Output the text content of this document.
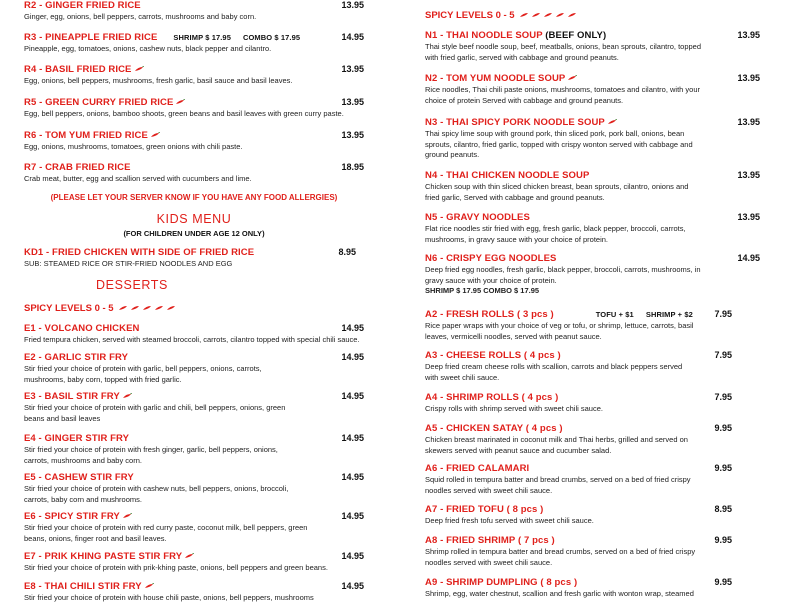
R2 - GINGER FRIED RICE	13.95
Ginger, egg, onions, bell peppers, carrots, mushrooms and baby corn.
R3 - PINEAPPLE FRIED RICE SHRIMP $ 17.95 COMBO $ 17.95	14.95
Pineapple, egg, tomatoes, onions, cashew nuts, black pepper and cilantro.
R4 - BASIL FRIED RICE	13.95
Egg, onions, bell peppers, mushrooms, fresh garlic, basil sauce and basil leaves.
R5 - GREEN CURRY FRIED RICE	13.95
Egg, bell peppers, onions, bamboo shoots, green beans and basil leaves with green curry paste.
R6 - TOM YUM FRIED RICE	13.95
Egg, onions, mushrooms, tomatoes, green onions with chili paste.
R7 - CRAB FRIED RICE	18.95
Crab meat, butter, egg and scallion served with cucumbers and lime.
(PLEASE LET YOUR SERVER KNOW IF YOU HAVE ANY FOOD ALLERGIES)
KIDS MENU
(FOR CHILDREN UNDER AGE 12 ONLY)
KD1 - FRIED CHICKEN WITH SIDE OF FRIED RICE	8.95
SUB: STEAMED RICE OR STIR-FRIED NOODLES AND EGG
DESSERTS
SPICY LEVELS 0 - 5
E1 - VOLCANO CHICKEN	14.95
Fried tempura chicken, served with steamed broccoli, carrots, cilantro topped with special chili sauce.
E2 - GARLIC STIR FRY	14.95
Stir fried your choice of protein with garlic, bell peppers, onions, carrots, mushrooms, baby corn, topped with fried garlic.
E3 - BASIL STIR FRY	14.95
Stir fried your choice of protein with garlic and chili, bell peppers, onions, green beans and basil leaves
E4 - GINGER STIR FRY	14.95
Stir fried your choice of protein with fresh ginger, garlic, bell peppers, onions, carrots, mushrooms and baby corn.
E5 - CASHEW STIR FRY	14.95
Stir fried your choice of protein with cashew nuts, bell peppers, onions, broccoli, carrots, baby corn and mushrooms.
E6 - SPICY STIR FRY	14.95
Stir fried your choice of protein with red curry paste, coconut milk, bell peppers, green beans, onions, finger root and basil leaves.
E7 - PRIK KHING PASTE STIR FRY	14.95
Stir fried your choice of protein with prik-khing paste, onions, bell peppers and green beans.
E8 - THAI CHILI STIR FRY	14.95
Stir fried your choice of protein with house chili paste, onions, bell peppers, mushrooms
SPICY LEVELS 0 - 5
N1 - THAI NOODLE SOUP (BEEF ONLY)	13.95
Thai style beef noodle soup, beef, meatballs, onions, bean sprouts, cilantro, topped with fried garlic, served with cabbage and ground peanuts.
N2 - TOM YUM NOODLE SOUP	13.95
Rice noodles, Thai chili paste onions, mushrooms, tomatoes and cilantro, with your choice of protein Served with cabbage and ground peanuts.
N3 - THAI SPICY PORK NOODLE SOUP	13.95
Thai spicy lime soup with ground pork, thin sliced pork, pork ball, onions, bean sprouts, cilantro, fried garlic, topped with crispy wonton served with cabbage and ground peanuts.
N4 - THAI CHICKEN NOODLE SOUP	13.95
Chicken soup with thin sliced chicken breast, bean sprouts, cilantro, onions and fried garlic, Served with cabbage and ground peanuts.
N5 - GRAVY NOODLES	13.95
Flat rice noodles stir fried with egg, fresh garlic, black pepper, broccoli, carrots, mushrooms, in gravy sauce with your choice of protein.
N6 - CRISPY EGG NOODLES	14.95
Deep fried egg noodles, fresh garlic, black pepper, broccoli, carrots, mushrooms, in gravy sauce with your choice of protein.
SHRIMP $ 17.95 COMBO $ 17.95
A2 - FRESH ROLLS ( 3 pcs )	TOFU + $1 SHRIMP + $2	7.95
Rice paper wraps with your choice of veg or tofu, or shrimp, lettuce, carrots, basil leaves, vermicelli noodles, served with peanut sauce.
A3 - CHEESE ROLLS ( 4 pcs )	7.95
Deep fried cream cheese rolls with scallion, carrots and black peppers served with sweet chili sauce.
A4 - SHRIMP ROLLS ( 4 pcs )	7.95
Crispy rolls with shrimp served with sweet chili sauce.
A5 - CHICKEN SATAY ( 4 pcs )	9.95
Chicken breast marinated in coconut milk and Thai herbs, grilled and served on skewers served with peanut sauce and cucumber salad.
A6 - FRIED CALAMARI	9.95
Squid rolled in tempura batter and bread crumbs, served on a bed of fried crispy noodles served with sweet chili sauce.
A7 - FRIED TOFU ( 8 pcs )	8.95
Deep fried fresh tofu served with sweet chili sauce.
A8 - FRIED SHRIMP ( 7 pcs )	9.95
Shrimp rolled in tempura batter and bread crumbs, served on a bed of fried crispy noodles served with sweet chili sauce.
A9 - SHRIMP DUMPLING ( 8 pcs )	9.95
Shrimp, egg, water chestnut, scallion and fresh garlic with wonton wrap, steamed
